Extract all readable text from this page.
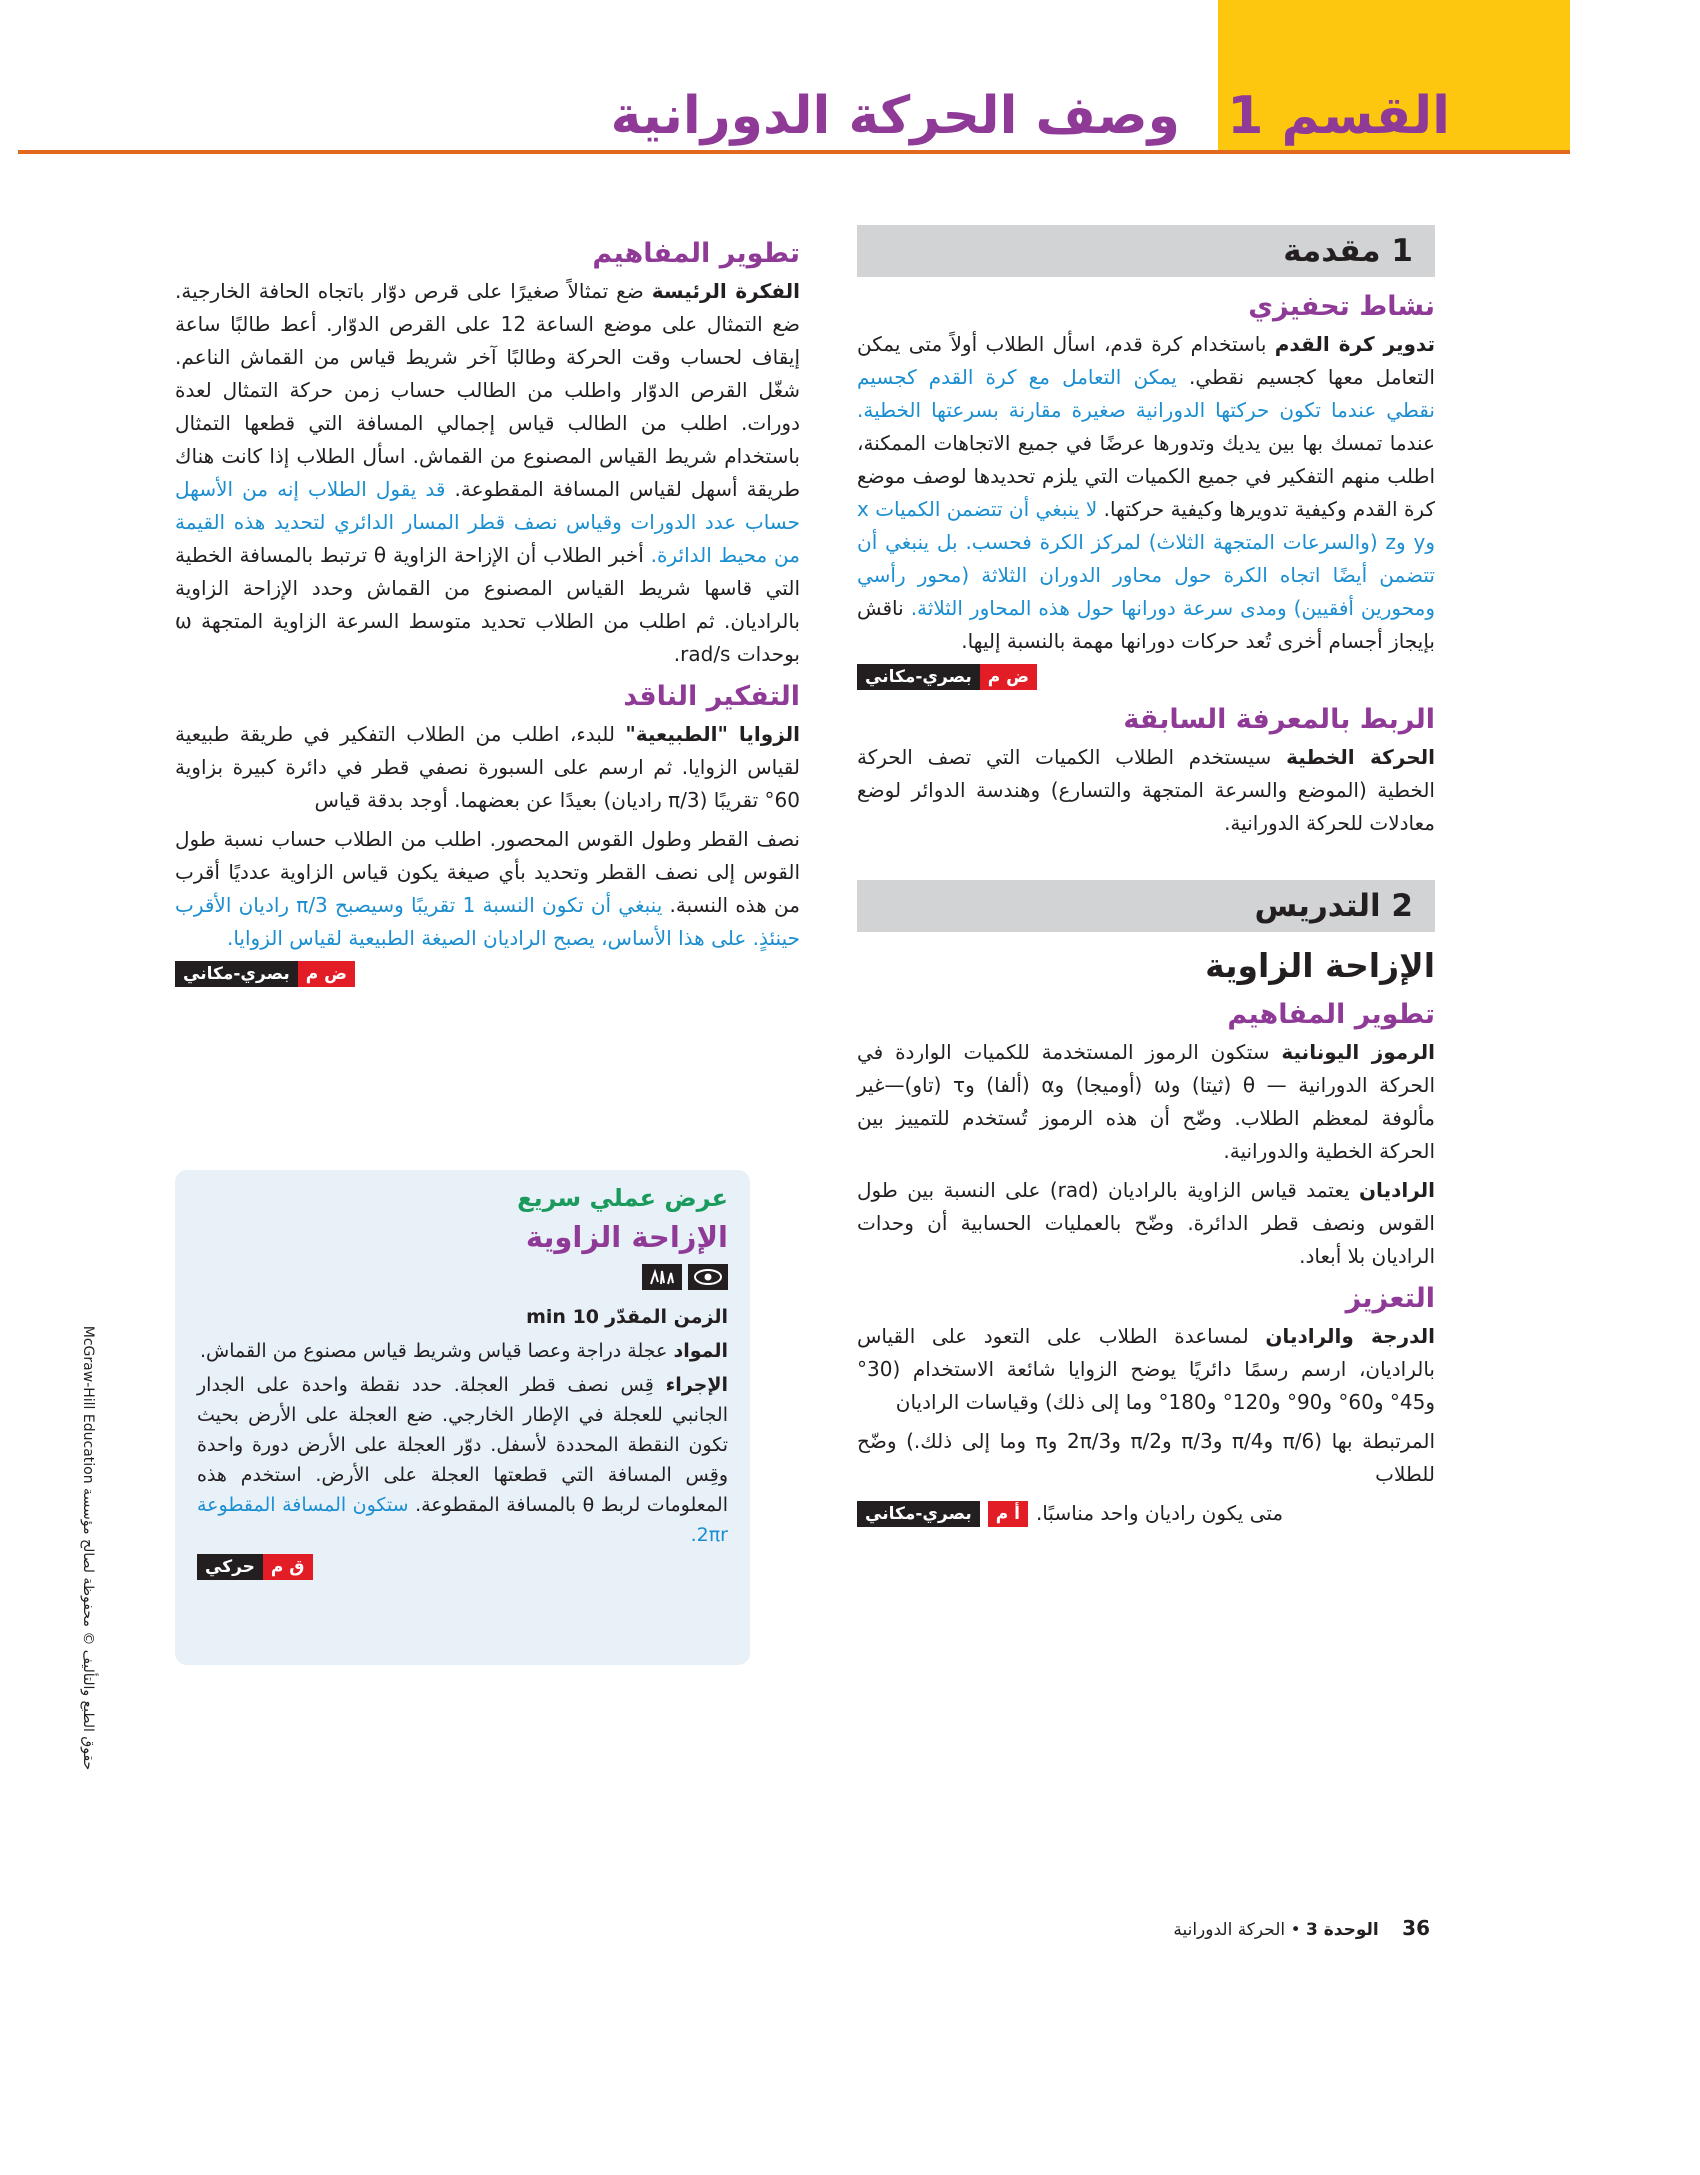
القسم 1
وصف الحركة الدورانية
1 مقدمة
نشاط تحفيزي

تدوير كرة القدم باستخدام كرة قدم، اسأل الطلاب أولاً متى يمكن التعامل معها كجسيم نقطي. يمكن التعامل مع كرة القدم كجسيم نقطي عندما تكون حركتها الدورانية صغيرة مقارنة بسرعتها الخطية. عندما تمسك بها بين يديك وتدورها عرضًا في جميع الاتجاهات الممكنة، اطلب منهم التفكير في جميع الكميات التي يلزم تحديدها لوصف موضع كرة القدم وكيفية تدويرها وكيفية حركتها. لا ينبغي أن تتضمن الكميات x وy وz (والسرعات المتجهة الثلاث) لمركز الكرة فحسب. بل ينبغي أن تتضمن أيضًا اتجاه الكرة حول محاور الدوران الثلاثة (محور رأسي ومحورين أفقيين) ومدى سرعة دورانها حول هذه المحاور الثلاثة. ناقش بإيجاز أجسام أخرى تُعد حركات دورانها مهمة بالنسبة إليها.

بصري-مكاني ض م
الربط بالمعرفة السابقة

الحركة الخطية سيستخدم الطلاب الكميات التي تصف الحركة الخطية (الموضع والسرعة المتجهة والتسارع) وهندسة الدوائر لوضع معادلات للحركة الدورانية.

2 التدريس
الإزاحة الزاوية
تطوير المفاهيم

الرموز اليونانية ستكون الرموز المستخدمة للكميات الواردة في الحركة الدورانية — θ (ثيتا) وω (أوميجا) وα (ألفا) وτ (تاو)—غير مألوفة لمعظم الطلاب. وضّح أن هذه الرموز تُستخدم للتمييز بين الحركة الخطية والدورانية.

الراديان يعتمد قياس الزاوية بالراديان (rad) على النسبة بين طول القوس ونصف قطر الدائرة. وضّح بالعمليات الحسابية أن وحدات الراديان بلا أبعاد.

التعزيز

الدرجة والراديان لمساعدة الطلاب على التعود على القياس بالراديان، ارسم رسمًا دائريًا يوضح الزوايا شائعة الاستخدام (30° و45° و60° و90° و120° و180° وما إلى ذلك) وقياسات الراديان

المرتبطة بها (π/6 وπ/4 وπ/3 وπ/2 و2π/3 وπ وما إلى ذلك.) وضّح للطلاب

بصري-مكاني	أ م متى يكون راديان واحد مناسبًا.
تطوير المفاهيم

الفكرة الرئيسة ضع تمثالاً صغيرًا على قرص دوّار باتجاه الحافة الخارجية. ضع التمثال على موضع الساعة 12 على القرص الدوّار. أعط طالبًا ساعة إيقاف لحساب وقت الحركة وطالبًا آخر شريط قياس من القماش الناعم. شغّل القرص الدوّار واطلب من الطالب حساب زمن حركة التمثال لعدة دورات. اطلب من الطالب قياس إجمالي المسافة التي قطعها التمثال باستخدام شريط القياس المصنوع من القماش. اسأل الطلاب إذا كانت هناك طريقة أسهل لقياس المسافة المقطوعة. قد يقول الطلاب إنه من الأسهل حساب عدد الدورات وقياس نصف قطر المسار الدائري لتحديد هذه القيمة من محيط الدائرة. أخبر الطلاب أن الإزاحة الزاوية θ ترتبط بالمسافة الخطية التي قاسها شريط القياس المصنوع من القماش وحدد الإزاحة الزاوية بالراديان. ثم اطلب من الطلاب تحديد متوسط السرعة الزاوية المتجهة ω بوحدات rad/s.

التفكير الناقد

الزوايا "الطبيعية" للبدء، اطلب من الطلاب التفكير في طريقة طبيعية لقياس الزوايا. ثم ارسم على السبورة نصفي قطر في دائرة كبيرة بزاوية 60° تقريبًا (π/3 راديان) بعيدًا عن بعضهما. أوجد بدقة قياس

نصف القطر وطول القوس المحصور. اطلب من الطلاب حساب نسبة طول القوس إلى نصف القطر وتحديد بأي صيغة يكون قياس الزاوية عدديًا أقرب من هذه النسبة. ينبغي أن تكون النسبة 1 تقريبًا وسيصبح π/3 راديان الأقرب حينئذٍ. على هذا الأساس، يصبح الراديان الصيغة الطبيعية لقياس الزوايا.

بصري-مكاني ض م
عرض عملي سريع
الإزاحة الزاوية

الزمن المقدّر 10 min

المواد عجلة دراجة وعصا قياس وشريط قياس مصنوع من القماش.

الإجراء قِس نصف قطر العجلة. حدد نقطة واحدة على الجدار الجانبي للعجلة في الإطار الخارجي. ضع العجلة على الأرض بحيث تكون النقطة المحددة لأسفل. دوّر العجلة على الأرض دورة واحدة وقِس المسافة التي قطعتها العجلة على الأرض. استخدم هذه المعلومات لربط θ بالمسافة المقطوعة. ستكون المسافة المقطوعة 2πr.

حركي ق م
حقوق الطبع والتأليف © محفوظة لصالح مؤسسة McGraw-Hill Education
36 الوحدة 3 • الحركة الدورانية
